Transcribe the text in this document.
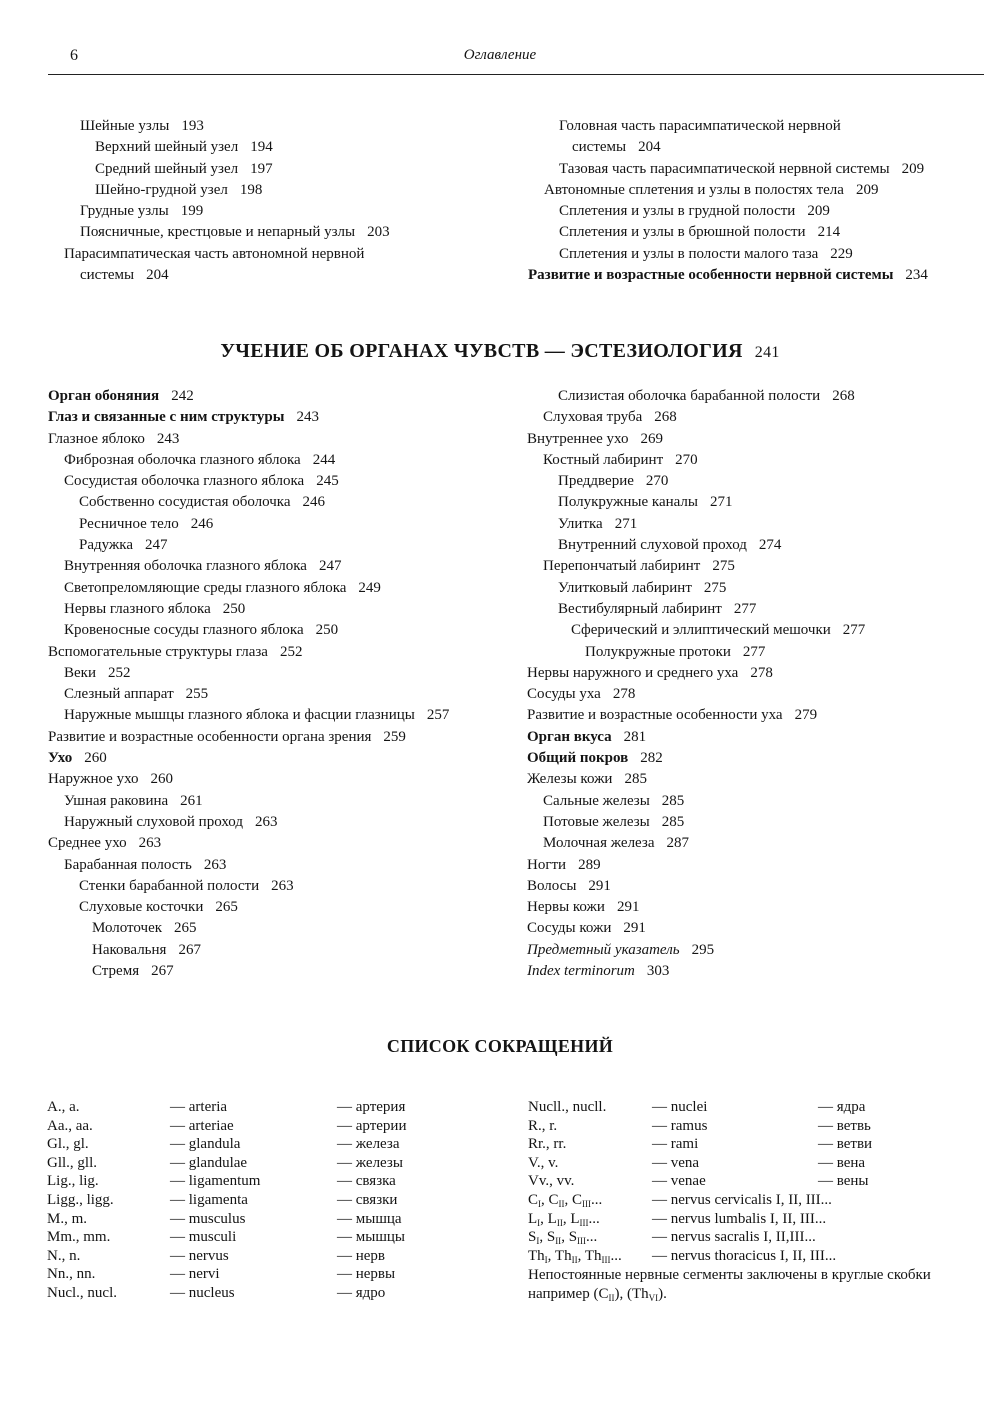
6	Оглавление
Шейные узлы 193
Верхний шейный узел 194
Средний шейный узел 197
Шейно-грудной узел 198
Грудные узлы 199
Поясничные, крестцовые и непарный узлы 203
Парасимпатическая часть автономной нервной
системы 204
Головная часть парасимпатической нервной
системы 204
Тазовая часть парасимпатической нервной системы 209
Автономные сплетения и узлы в полостях тела 209
Сплетения и узлы в грудной полости 209
Сплетения и узлы в брюшной полости 214
Сплетения и узлы в полости малого таза 229
Развитие и возрастные особенности нервной системы 234
УЧЕНИЕ ОБ ОРГАНАХ ЧУВСТВ — ЭСТЕЗИОЛОГИЯ 241
Орган обоняния 242
Глаз и связанные с ним структуры 243
Глазное яблоко 243
Фиброзная оболочка глазного яблока 244
Сосудистая оболочка глазного яблока 245
Собственно сосудистая оболочка 246
Ресничное тело 246
Радужка 247
Внутренняя оболочка глазного яблока 247
Светопреломляющие среды глазного яблока 249
Нервы глазного яблока 250
Кровеносные сосуды глазного яблока 250
Вспомогательные структуры глаза 252
Веки 252
Слезный аппарат 255
Наружные мышцы глазного яблока и фасции глазницы 257
Развитие и возрастные особенности органа зрения 259
Ухо 260
Наружное ухо 260
Ушная раковина 261
Наружный слуховой проход 263
Среднее ухо 263
Барабанная полость 263
Стенки барабанной полости 263
Слуховые косточки 265
Молоточек 265
Наковальня 267
Стремя 267
Слизистая оболочка барабанной полости 268
Слуховая труба 268
Внутреннее ухо 269
Костный лабиринт 270
Преддверие 270
Полукружные каналы 271
Улитка 271
Внутренний слуховой проход 274
Перепончатый лабиринт 275
Улитковый лабиринт 275
Вестибулярный лабиринт 277
Сферический и эллиптический мешочки 277
Полукружные протоки 277
Нервы наружного и среднего уха 278
Сосуды уха 278
Развитие и возрастные особенности уха 279
Орган вкуса 281
Общий покров 282
Железы кожи 285
Сальные железы 285
Потовые железы 285
Молочная железа 287
Ногти 289
Волосы 291
Нервы кожи 291
Сосуды кожи 291
Предметный указатель 295
Index terminorum 303
СПИСОК СОКРАЩЕНИЙ
A., a.	— arteria	— артерия
Aa., aa.	— arteriae	— артерии
Gl., gl.	— glandula	— железа
Gll., gll.	— glandulae	— железы
Lig., lig.	— ligamentum	— связка
Ligg., ligg.	— ligamenta	— связки
M., m.	— musculus	— мышца
Mm., mm.	— musculi	— мышцы
N., n.	— nervus	— нерв
Nn., nn.	— nervi	— нервы
Nucl., nucl.	— nucleus	— ядро
Nucll., nucll.	— nuclei	— ядра
R., r.	— ramus	— ветвь
Rr., rr.	— rami	— ветви
V., v.	— vena	— вена
Vv., vv.	— venae	— вены
$C_I$, $C_{II}$, $C_{III}$...	— nervus cervicalis I, II, III...
$L_I$, $L_{II}$, $L_{III}$...	— nervus lumbalis I, II, III...
$S_I$, $S_{II}$, $S_{III}$...	— nervus sacralis I, II,III...
$Th_I$, $Th_{II}$, $Th_{III}$... — nervus thoracicus I, II, III...
Непостоянные нервные сегменты заключены в круглые скобки
например $(C_{II})$, $(Th_{VI})$.
